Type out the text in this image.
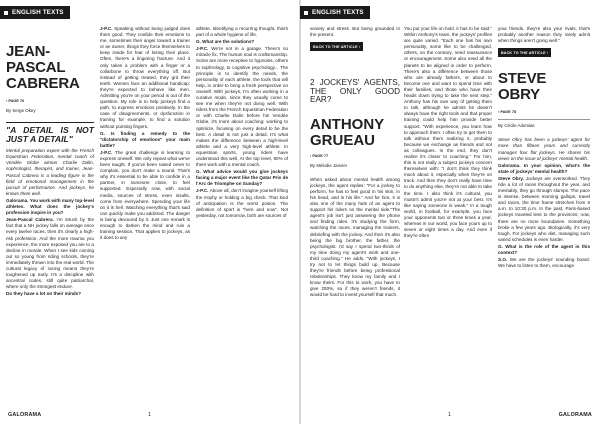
ENGLISH TEXTS
JEAN-PASCAL
CABRERA
› PAGE 76
By Serge Okey
"A DETAIL IS NOT JUST A DETAIL"

Mental preparation expert with the French Equestrian Federation, mental coach of Vendée Globe winner Charlie Dalin, sophrologist, therapist, and trainer, Jean-Pascal Cabrera is a leading figure in the field of emotional management in the pursuit of performance. And jockeys, he knows them well.

Galorama. You work with many top-level athletes. What does the jockey's profession inspire in you?

Jean-Pascal Cabrera. I'm struck by the fact that a NH jockey falls on average once every twelve races, then it's clearly a high-risk profession. And the more trauma you experience, the more exposed you are to a decline in morale. When I see kids coming out so young from riding schools, they're immediately thrown into the real world. The cultural legacy of racing means they're toughened up early. It's a discipline with ancestral codes, still quite patriarchal, where only the strongest endure.

Do they have a lot on their minds?

J-P.C. Speaking without being judged does them good. They confide their emotions to me, sometimes their anger toward a trainer or an owner, things they force themselves to keep inside for fear of losing their place. Often, there's a lingering fracture. And it only takes a problem with a finger or a collarbone to throw everything off. But instead of getting treated, they grit their teeth. Women face an additional handicap: they're expected to behave like men. Admitting you're on your period is out of the question. My role is to help jockeys find a path, to express emotions positively. In the case of disagreements, or dysfunction in training for example, to find a solution without pointing fingers.

G. Is finding a remedy to the "dictatorship of emotions" your main battle?

J-P.C. The great challenge is learning to express oneself. We only repeat what we've been taught. If you've been raised never to complain, you don't make a sound. That's why it's essential to be able to confide in a partner, in someone close, to feel supported. Especially now, with social media, sources of stress, even insults, come from everywhere. Spending your life on it is hell. Watching everything that's said can quickly make you addicted. The danger is being devoured by it. Just one remark is enough to darken the mind and ruin a training session. That applies to jockeys, as it does to any

athlete. Identifying a recurring thought, that's part of a whole hygiene of life.

G. What are the solutions?

J-P.C. We're not in a garage. There's no miracle fix. The human soul is craftsmanship. Some are more receptive to hypnosis, others to sophrology, to cognitive psychology... The principle is to identify the needs, the personality of each athlete, the tools that will help, in order to bring a fresh perspective on oneself. With jockeys, I'm often working in a curative mode, since they usually come to see me when they're not doing well. With riders from the French Equestrian Federation or with Charlie Dalin before his Vendée Globe, it's more about coaching: working to optimize, focusing on every detail to be the best. A detail is not just a detail. It's what makes the difference between a high-level athlete and a very high-level athlete. In equestrian sports, young riders have understood this well. At the top level, 80% of them work with a mental coach.

G. What advice would you give jockeys facing a major event like the Qatar Prix de l'Arc de Triomphe on Sunday?

J-P.C. Above all, don't imagine yourself lifting the trophy or holding a big check. That kind of anticipation is the worst poison. The definition of sport is "here and now". Not yesterday, not tomorrow, both are sources of

GALORAMA	1
ENGLISH TEXTS

anxiety and stress. But being grounded in the present.

BACK TO THE ARTICLE ›
2 JOCKEYS' AGENTS, THE ONLY GOOD EAR?
ANTHONY
GRUEAU
› PAGE 77
By Mélodie Janvier

When asked about mental health among jockeys, the agent replies: "For a jockey to perform, he has to feel good in his skin, in his head, and in his life." And for him, it is also one of the many hats of an agent to support his riders on the mental side."The agent's job isn't just answering the phone and finding rides. It's studying the form, watching the races, managing the trainers, debriefing with the jockey. And then it's also being the big brother, the father, the psychologist. I'd say I spend two-thirds of my time doing my agent's work and one-third coaching." He adds, "With jockeys, I try not to let things build up. Because they're friends before being professional relationships. They know my family and I know theirs. For this to work, you have to give 200%, so if they weren't friends, it would be hard to invest yourself that much.

You put your life on hold, it has to be said." Within Anthony's team, the jockeys' profiles are quite varied. "Each one has his own personality, some like to be challenged, others, on the contrary, need reassurance or encouragement. Some also need all the planets to be aligned in order to perform. There's also a difference between those who are already fathers, or about to become one and want to spend time with their families, and those who have their heads down trying to take the next step." Anthony has his own way of getting them to talk, although he admits he doesn't always have the right tools and that proper training could help him provide better support. "With experience, you learn how to approach them. I often try to get them to talk without them realizing it, probably because we exchange as friends and not as colleagues. In the end, they don't realize it's closer to coaching." For him, this is not really a subject jockeys concern themselves with: "I don't think they think much about it, especially when they're on track. And then they don't really have time to do anything else, they're not able to take the time. I also think it's cultural, you mustn't admit you're not at your best. It's like saying someone is weak." In a tough world, in football, for example, you face your opponents two or three times a year, whereas in our world, you face yours up to seven or eight times a day. And even if they're often

your friends, they're also your rivals, that's probably another reason they rarely admit when things aren't going well."

BACK TO THE ARTICLE ›
STEVE OBRY
› PAGE 78
By Cécile Adomias

Steve Obry has been a jockeys' agent for more than fifteen years and currently manages four flat jockeys. He shares his views on the issue of jockeys' mental health.

Galorama. In your opinion, what's the state of jockeys' mental health?

Steve Obry. Jockeys are overworked. They ride a lot of races throughout the year, and inevitably, they go through slumps. The pace is intense, between morning gallops, travel and races, the time frame stretches from 6 a.m. to 10:30 p.m. In the past, Paris-based jockeys traveled less to the provinces; now, there are no more boundaries. Something broke a few years ago. Biologically, it's very tough. For jockeys who diet, managing such varied schedules is even harder.

G. What is the role of the agent in this context?

S.O. We are the jockeys' sounding board. We have to listen to them, encourage

1	GALORAMA
